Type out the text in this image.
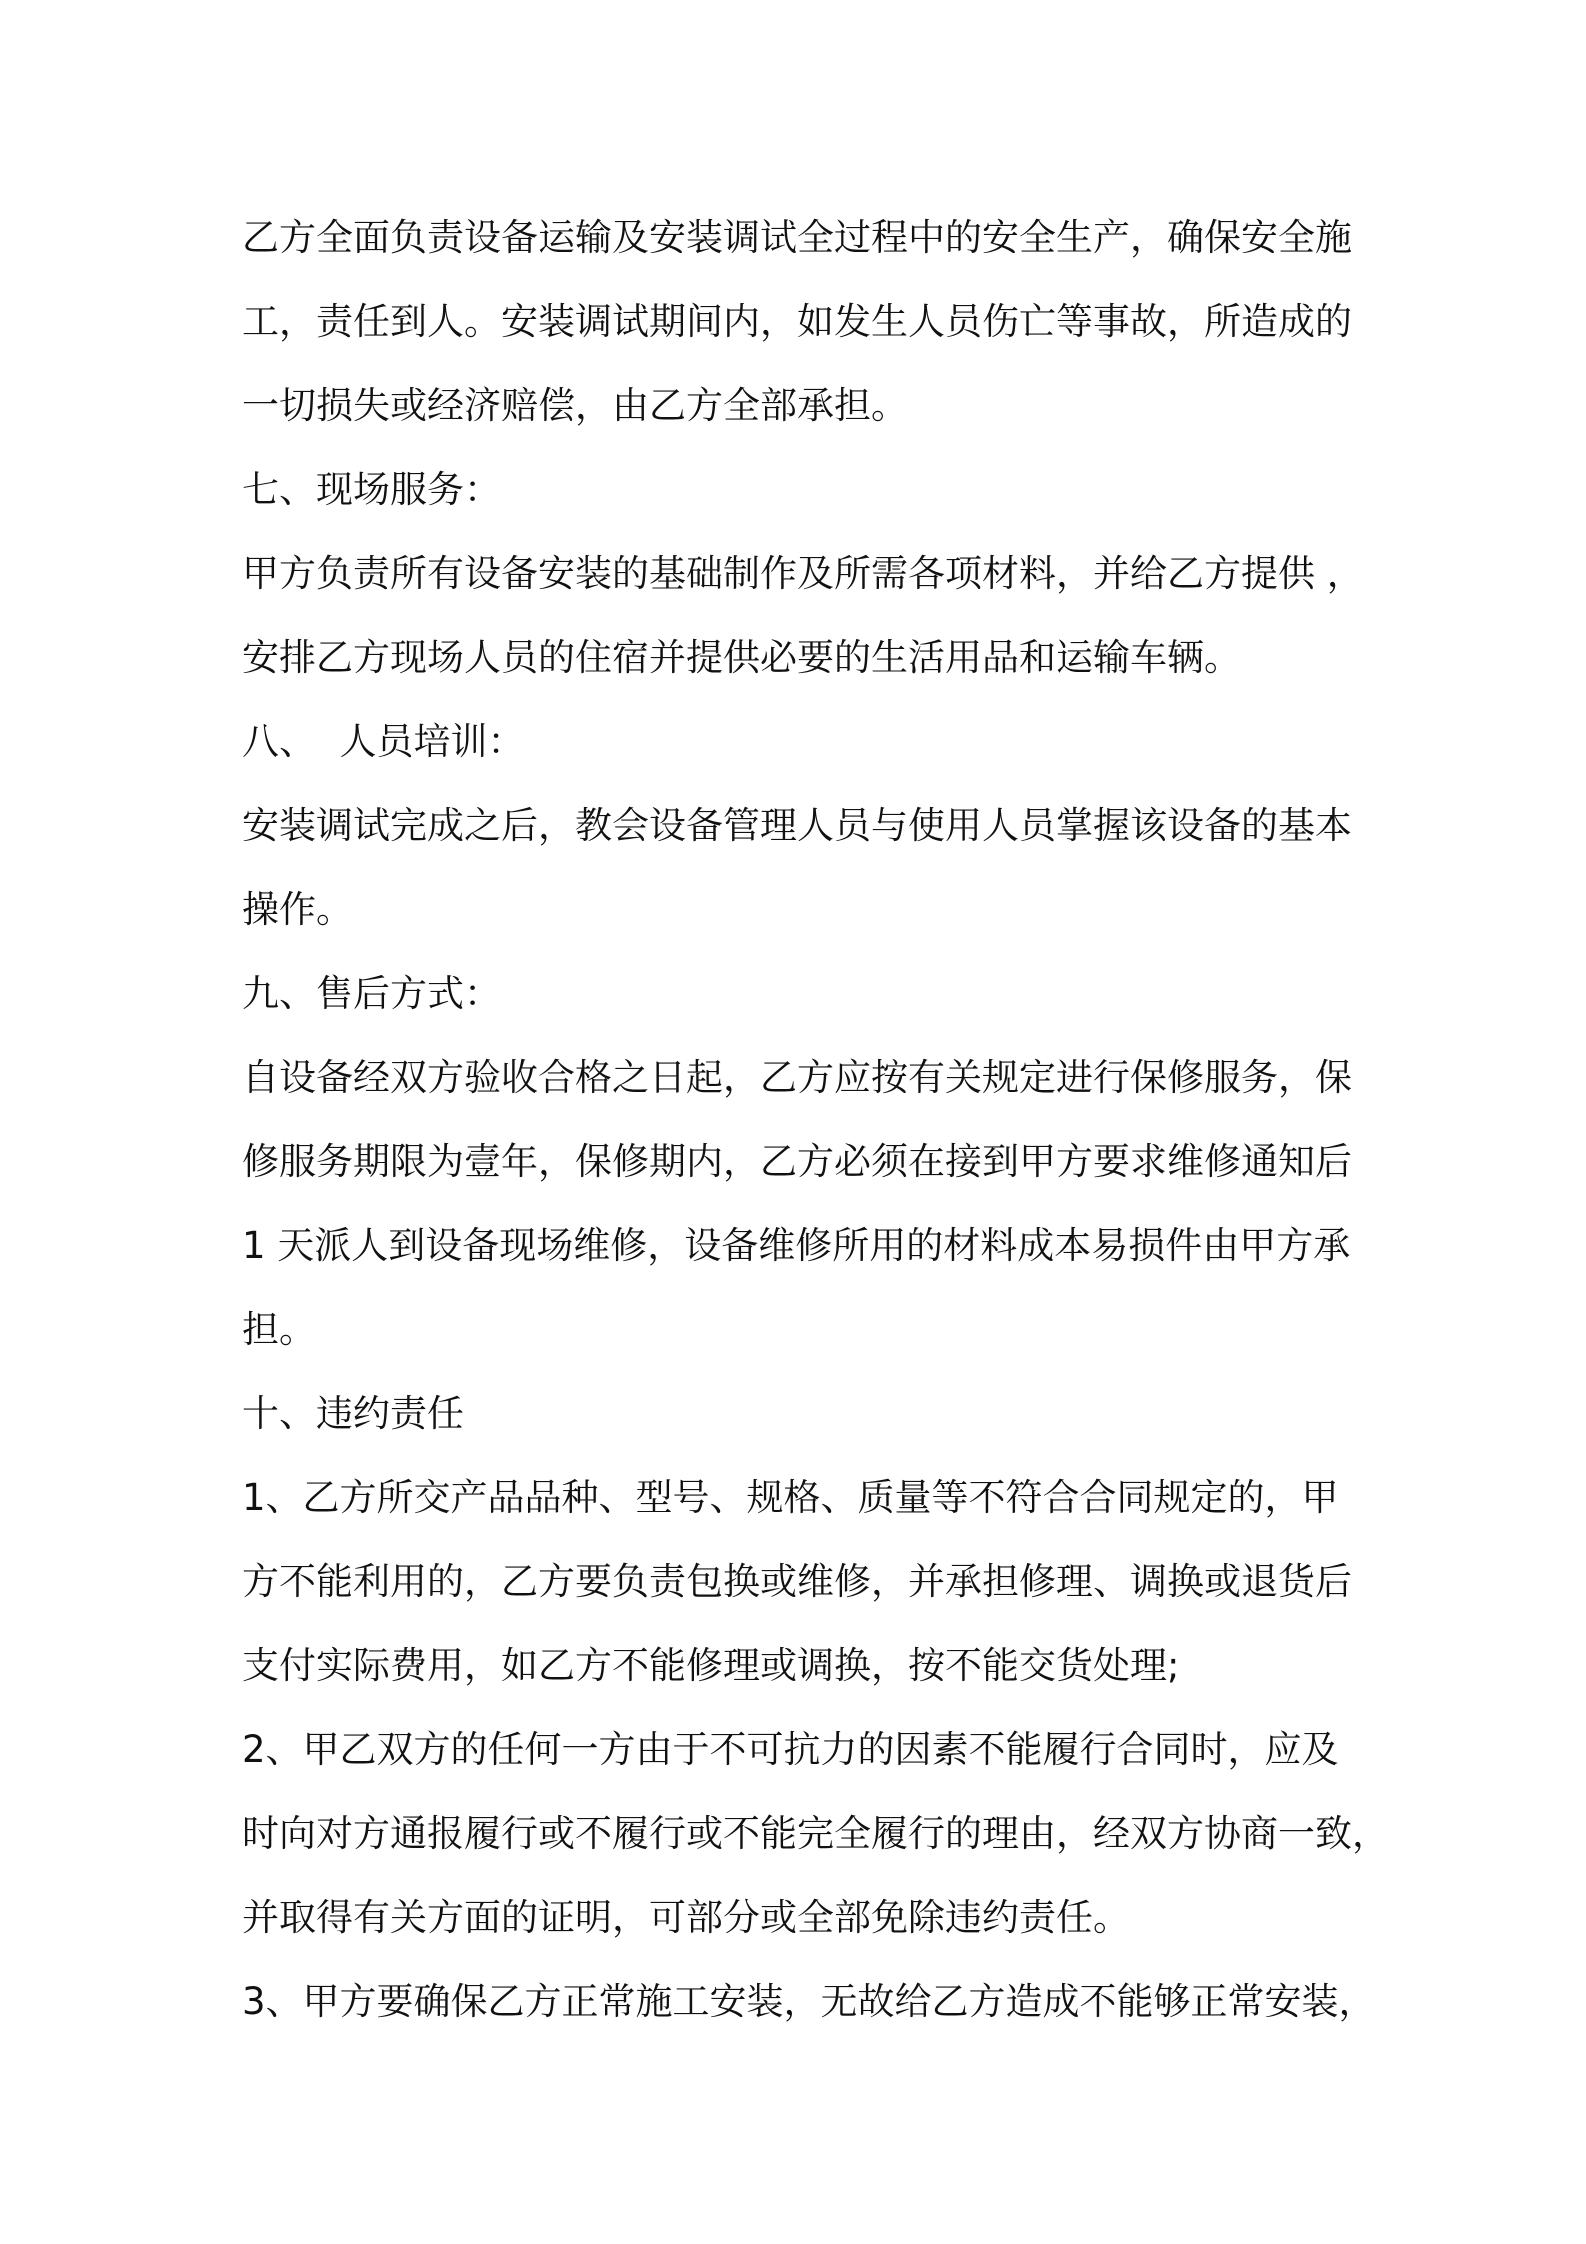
乙方全面负责设备运输及安装调试全过程中的安全生产，确保安全施
工，责任到人。安装调试期间内，如发生人员伤亡等事故，所造成的
一切损失或经济赔偿，由乙方全部承担。
七、现场服务：
甲方负责所有设备安装的基础制作及所需各项材料，并给乙方提供 ，
安排乙方现场人员的住宿并提供必要的生活用品和运输车辆。
八、  人员培训：
安装调试完成之后，教会设备管理人员与使用人员掌握该设备的基本
操作。
九、售后方式：
自设备经双方验收合格之日起，乙方应按有关规定进行保修服务，保
修服务期限为壹年，保修期内，乙方必须在接到甲方要求维修通知后
1 天派人到设备现场维修，设备维修所用的材料成本易损件由甲方承
担。
十、违约责任
1、乙方所交产品品种、型号、规格、质量等不符合合同规定的，甲
方不能利用的，乙方要负责包换或维修，并承担修理、调换或退货后
支付实际费用，如乙方不能修理或调换，按不能交货处理;
2、甲乙双方的任何一方由于不可抗力的因素不能履行合同时，应及
时向对方通报履行或不履行或不能完全履行的理由，经双方协商一致，
并取得有关方面的证明，可部分或全部免除违约责任。
3、甲方要确保乙方正常施工安装，无故给乙方造成不能够正常安装，
